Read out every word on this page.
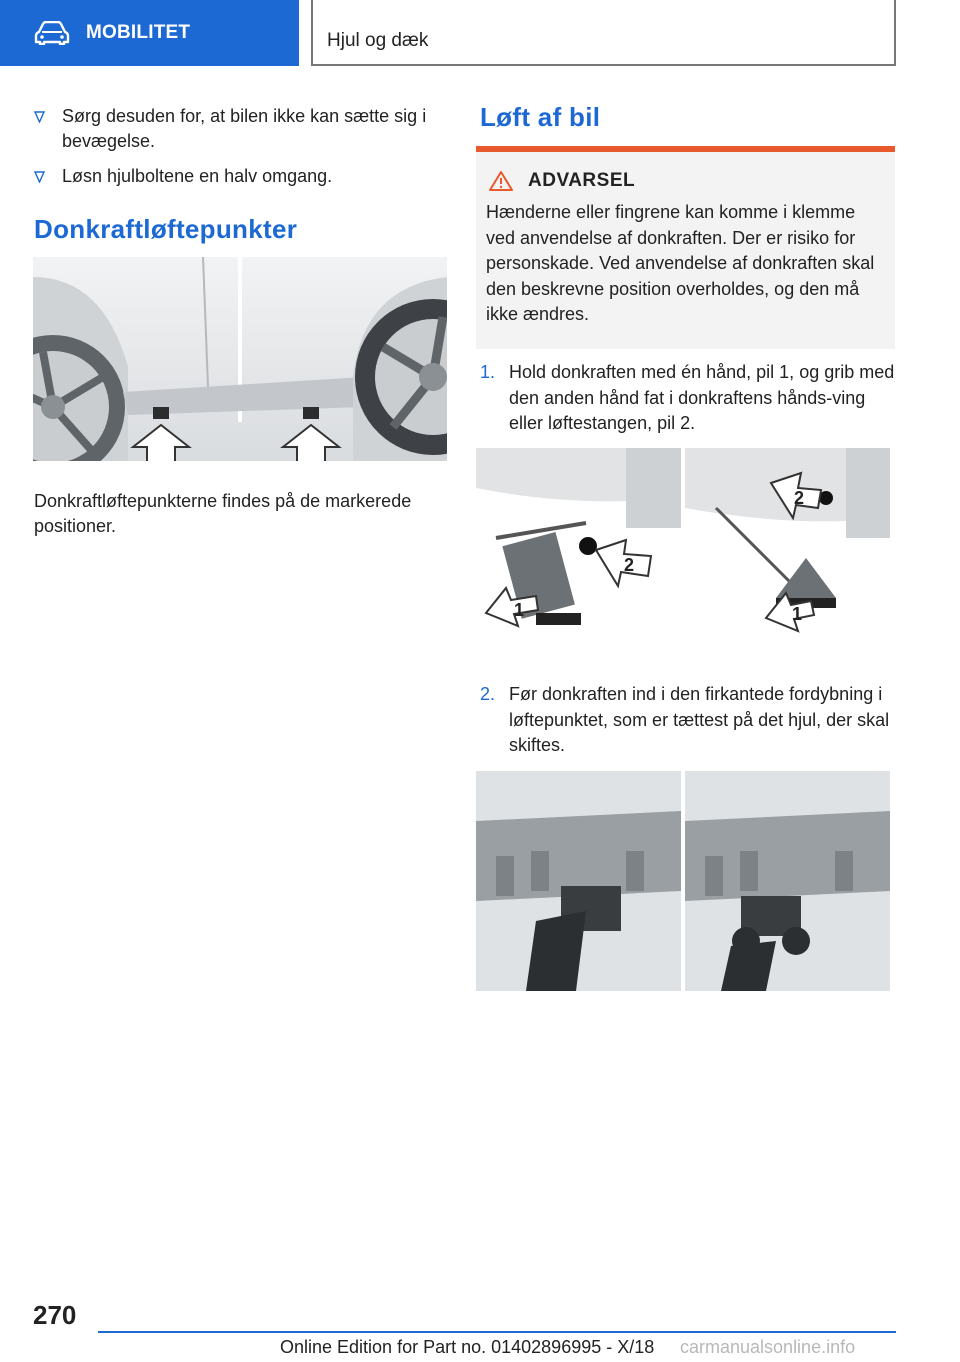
MOBILITET	Hjul og dæk
Sørg desuden for, at bilen ikke kan sætte sig i bevægelse.
Løsn hjulboltene en halv omgang.
Donkraftløftepunkter
Donkraftløftepunkterne findes på de markerede positioner.
Løft af bil
ADVARSEL
Hænderne eller fingrene kan komme i klemme ved anvendelse af donkraften. Der er risiko for personskade. Ved anvendelse af donkraften skal den beskrevne position overholdes, og den må ikke ændres.
1. Hold donkraften med én hånd, pil 1, og grib med den anden hånd fat i donkraftens hånds-ving eller løftestangen, pil 2.
1
2
2
1
2. Før donkraften ind i den firkantede fordybning i løftepunktet, som er tættest på det hjul, der skal skiftes.
270
Online Edition for Part no. 01402896995 - X/18 carmanualsonline.info
